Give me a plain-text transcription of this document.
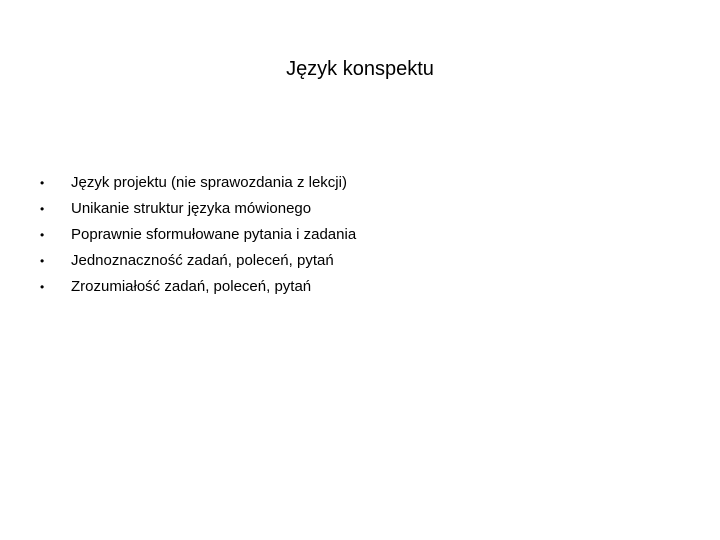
Język konspektu
•	Język projektu (nie sprawozdania z lekcji)
•	Unikanie struktur języka mówionego
•	Poprawnie sformułowane pytania i zadania
•	Jednoznaczność zadań, poleceń, pytań
•	Zrozumiałość zadań, poleceń, pytań
